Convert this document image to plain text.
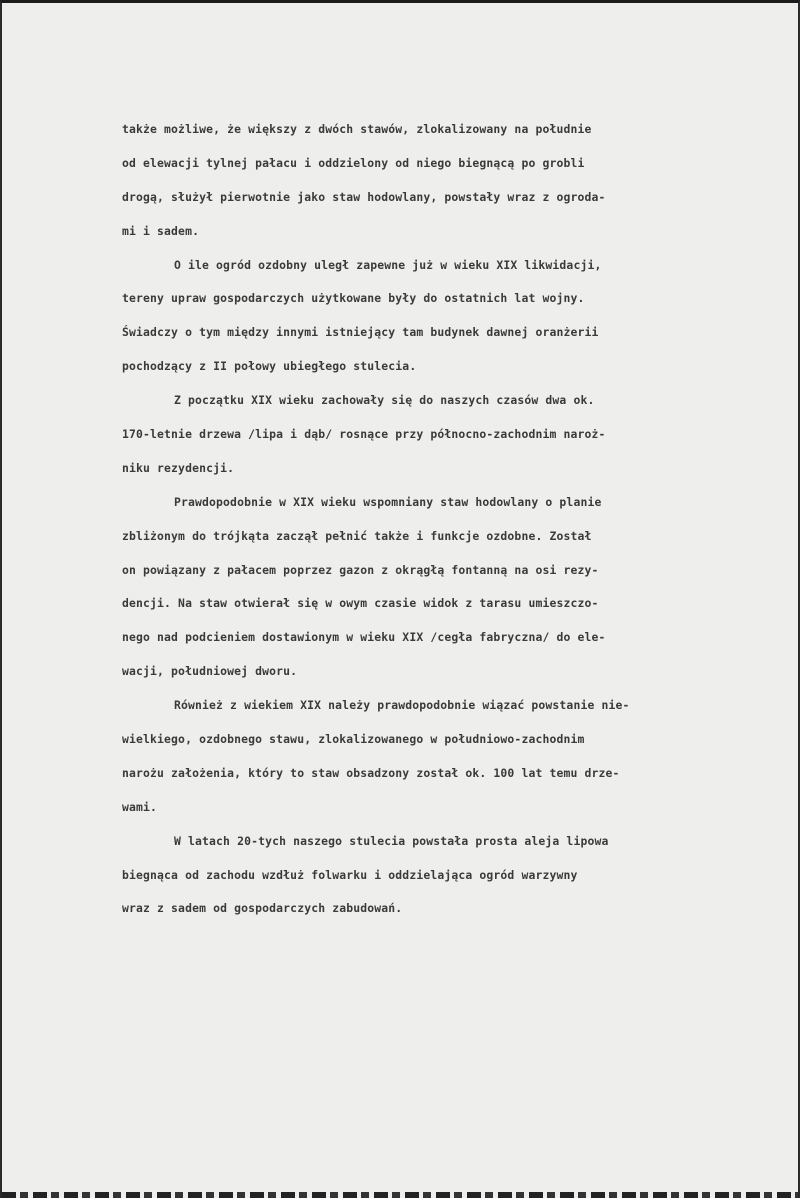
także możliwe, że większy z dwóch stawów, zlokalizowany na południe
od elewacji tylnej pałacu i oddzielony od niego biegnącą po grobli
drogą, służył pierwotnie jako staw hodowlany, powstały wraz z ogroda-
mi i sadem.
O ile ogród ozdobny uległ zapewne już w wieku XIX likwidacji,
tereny upraw gospodarczych użytkowane były do ostatnich lat wojny.
Świadczy o tym między innymi istniejący tam budynek dawnej oranżerii
pochodzący z II połowy ubiegłego stulecia.
Z początku XIX wieku zachowały się do naszych czasów dwa ok.
170-letnie drzewa /lipa i dąb/ rosnące przy północno-zachodnim naroż-
niku rezydencji.
Prawdopodobnie w XIX wieku wspomniany staw hodowlany o planie
zbliżonym do trójkąta zaczął pełnić także i funkcje ozdobne. Został
on powiązany z pałacem poprzez gazon z okrągłą fontanną na osi rezy-
dencji. Na staw otwierał się w owym czasie widok z tarasu umieszczo-
nego nad podcieniem dostawionym w wieku XIX /cegła fabryczna/ do ele-
wacji, południowej dworu.
Również z wiekiem XIX należy prawdopodobnie wiązać powstanie nie-
wielkiego, ozdobnego stawu, zlokalizowanego w południowo-zachodnim
narożu założenia, który to staw obsadzony został ok. 100 lat temu drze-
wami.
W latach 20-tych naszego stulecia powstała prosta aleja lipowa
biegnąca od zachodu wzdłuż folwarku i oddzielająca ogród warzywny
wraz z sadem od gospodarczych zabudowań.
